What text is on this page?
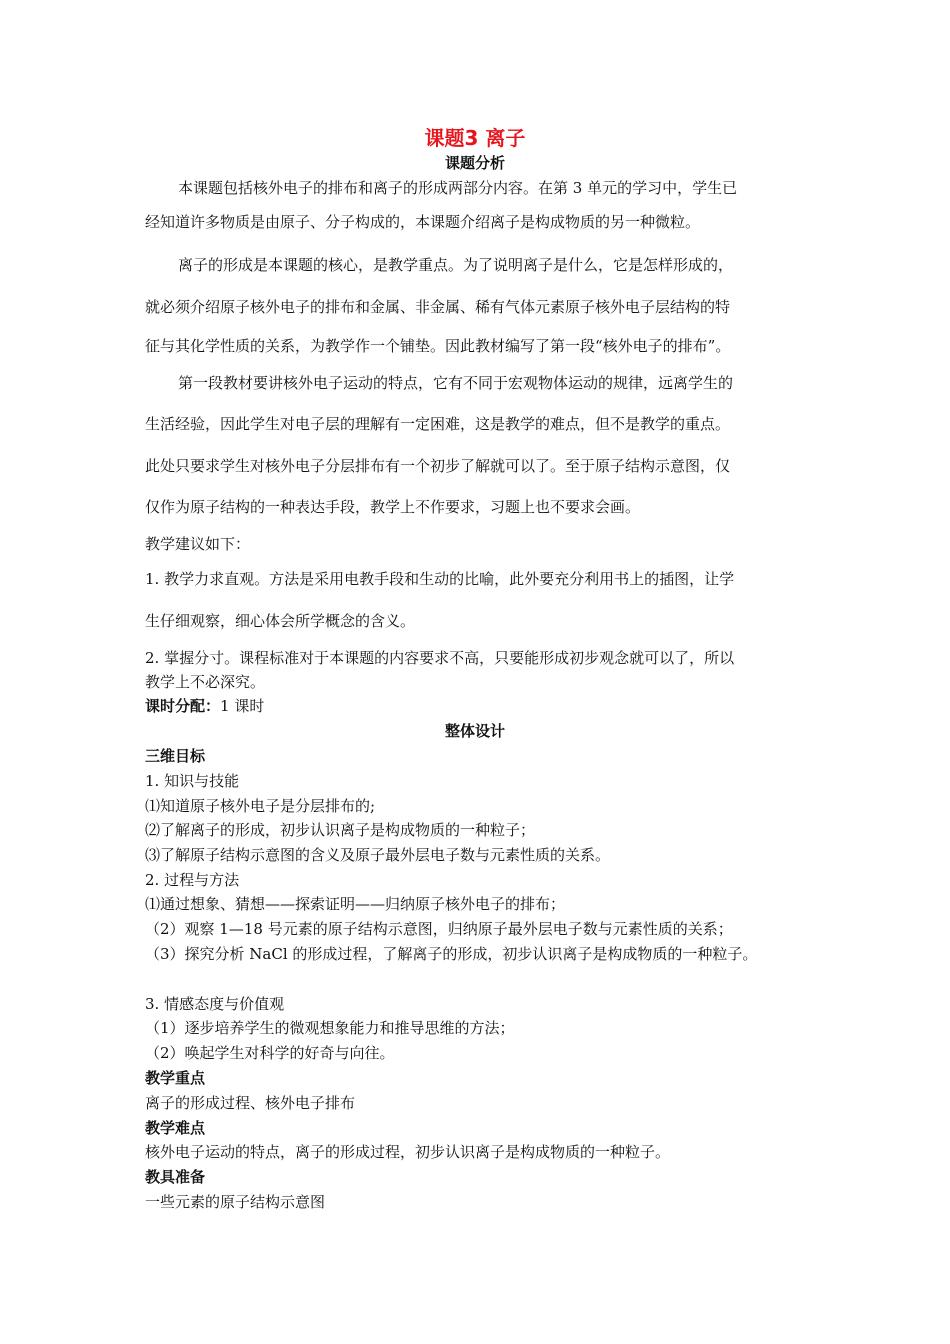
课题3 离子
课题分析
本课题包括核外电子的排布和离子的形成两部分内容。在第 3 单元的学习中，学生已
经知道许多物质是由原子、分子构成的，本课题介绍离子是构成物质的另一种微粒。
离子的形成是本课题的核心，是教学重点。为了说明离子是什么，它是怎样形成的，
就必须介绍原子核外电子的排布和金属、非金属、稀有气体元素原子核外电子层结构的特
征与其化学性质的关系，为教学作一个铺垫。因此教材编写了第一段“核外电子的排布”。
第一段教材要讲核外电子运动的特点，它有不同于宏观物体运动的规律，远离学生的
生活经验，因此学生对电子层的理解有一定困难，这是教学的难点，但不是教学的重点。
此处只要求学生对核外电子分层排布有一个初步了解就可以了。至于原子结构示意图，仅
仅作为原子结构的一种表达手段，教学上不作要求，习题上也不要求会画。
教学建议如下：
1. 教学力求直观。方法是采用电教手段和生动的比喻，此外要充分利用书上的插图，让学
生仔细观察，细心体会所学概念的含义。
2. 掌握分寸。课程标准对于本课题的内容要求不高，只要能形成初步观念就可以了，所以
教学上不必深究。
课时分配：1 课时
整体设计
三维目标
1. 知识与技能
⑴知道原子核外电子是分层排布的;
⑵了解离子的形成，初步认识离子是构成物质的一种粒子；
⑶了解原子结构示意图的含义及原子最外层电子数与元素性质的关系。
2. 过程与方法
⑴通过想象、猜想——探索证明——归纳原子核外电子的排布；
（2）观察 1—18 号元素的原子结构示意图，归纳原子最外层电子数与元素性质的关系；
（3）探究分析 NaCl 的形成过程，了解离子的形成，初步认识离子是构成物质的一种粒子。
3. 情感态度与价值观
（1）逐步培养学生的微观想象能力和推导思维的方法；
（2）唤起学生对科学的好奇与向往。
教学重点
离子的形成过程、核外电子排布
教学难点
核外电子运动的特点，离子的形成过程，初步认识离子是构成物质的一种粒子。
教具准备
一些元素的原子结构示意图
